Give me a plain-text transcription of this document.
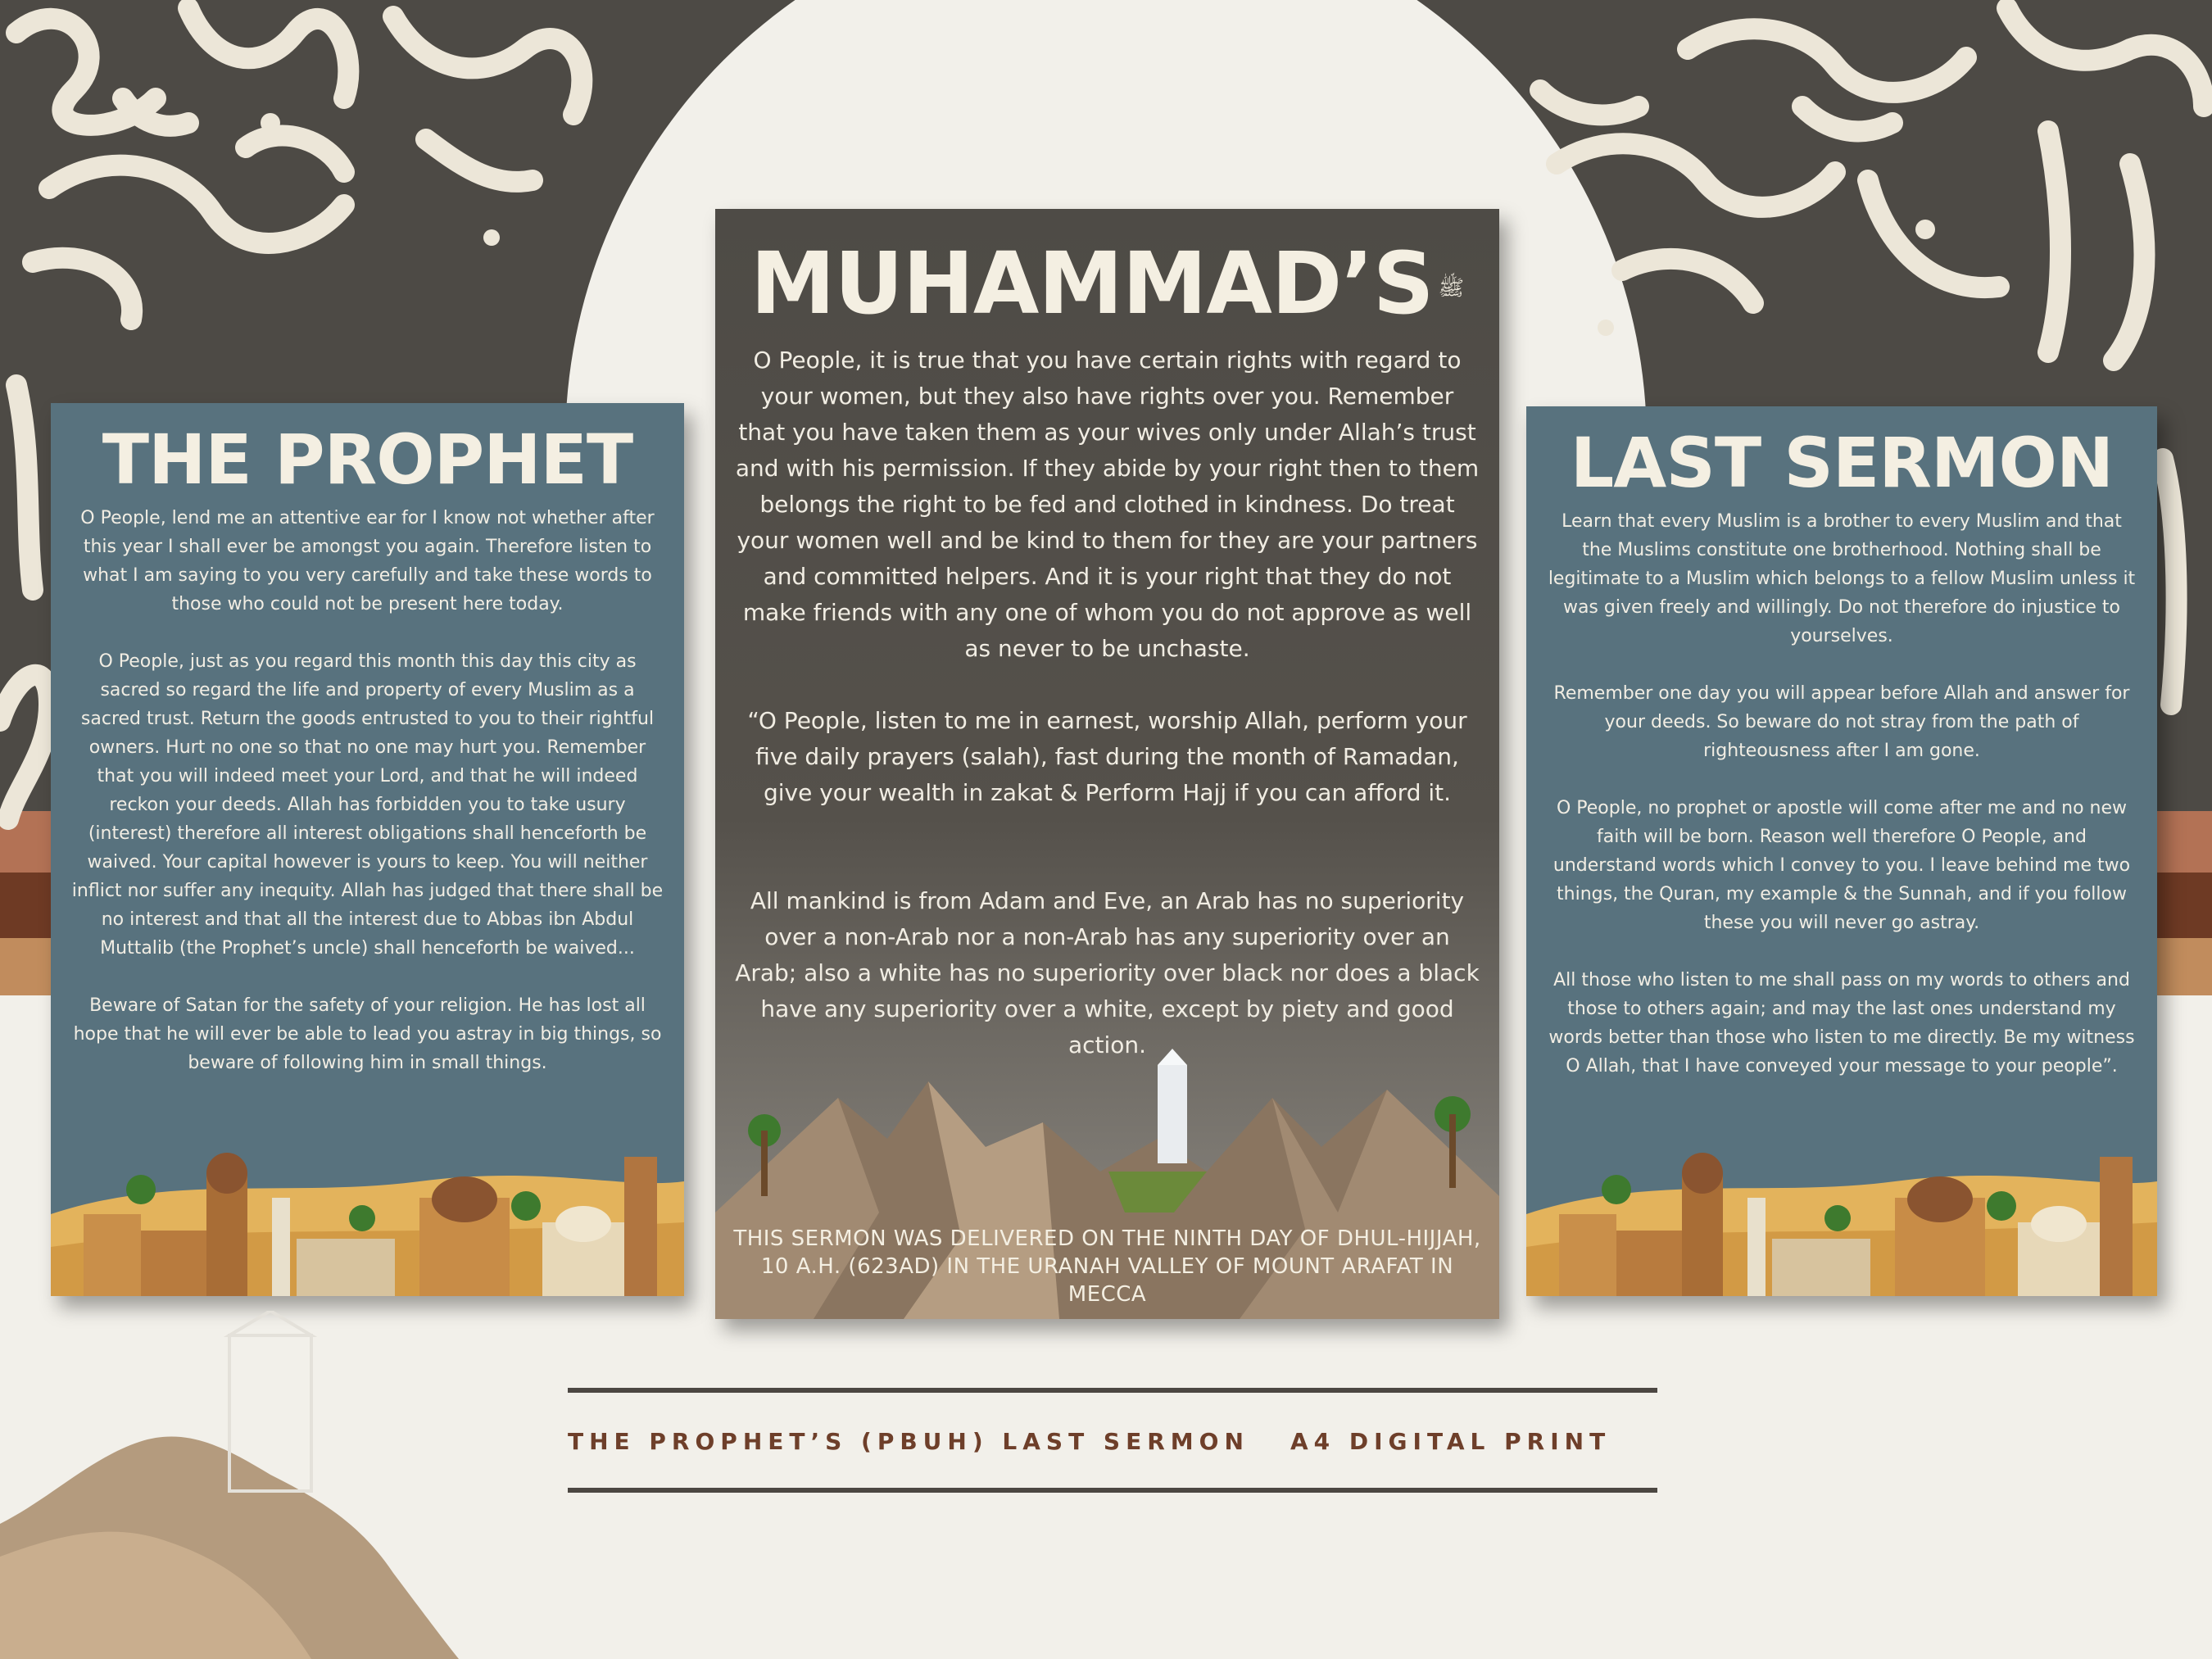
THE PROPHET

O People, lend me an attentive ear for I know not whether after this year I shall ever be amongst you again. Therefore listen to what I am saying to you very carefully and take these words to those who could not be present here today.

O People, just as you regard this month this day this city as sacred so regard the life and property of every Muslim as a sacred trust. Return the goods entrusted to you to their rightful owners. Hurt no one so that no one may hurt you. Remember that you will indeed meet your Lord, and that he will indeed reckon your deeds. Allah has forbidden you to take usury (interest) therefore all interest obligations shall henceforth be waived. Your capital however is yours to keep. You will neither inflict nor suffer any inequity. Allah has judged that there shall be no interest and that all the interest due to Abbas ibn Abdul Muttalib (the Prophet’s uncle) shall henceforth be waived...

Beware of Satan for the safety of your religion. He has lost all hope that he will ever be able to lead you astray in big things, so beware of following him in small things.

MUHAMMAD’S ﷺ

O People, it is true that you have certain rights with regard to your women, but they also have rights over you. Remember that you have taken them as your wives only under Allah’s trust and with his permission. If they abide by your right then to them belongs the right to be fed and clothed in kindness. Do treat your women well and be kind to them for they are your partners and committed helpers. And it is your right that they do not make friends with any one of whom you do not approve as well as never to be unchaste.

“O People, listen to me in earnest, worship Allah, perform your five daily prayers (salah), fast during the month of Ramadan, give your wealth in zakat & Perform Hajj if you can afford it.

All mankind is from Adam and Eve, an Arab has no superiority over a non-Arab nor a non-Arab has any superiority over an Arab; also a white has no superiority over black nor does a black have any superiority over a white, except by piety and good action.

THIS SERMON WAS DELIVERED ON THE NINTH DAY OF DHUL-HIJJAH,
10 A.H. (623AD) IN THE URANAH VALLEY OF MOUNT ARAFAT IN MECCA
LAST SERMON

Learn that every Muslim is a brother to every Muslim and that the Muslims constitute one brotherhood. Nothing shall be legitimate to a Muslim which belongs to a fellow Muslim unless it was given freely and willingly. Do not therefore do injustice to yourselves.

Remember one day you will appear before Allah and answer for your deeds. So beware do not stray from the path of righteousness after I am gone.

O People, no prophet or apostle will come after me and no new faith will be born. Reason well therefore O People, and understand words which I convey to you. I leave behind me two things, the Quran, my example & the Sunnah, and if you follow these you will never go astray.

All those who listen to me shall pass on my words to others and those to others again; and may the last ones understand my words better than those who listen to me directly. Be my witness O Allah, that I have conveyed your message to your people”.

THE PROPHET’S (PBUH) LAST SERMON A4 DIGITAL PRINT
